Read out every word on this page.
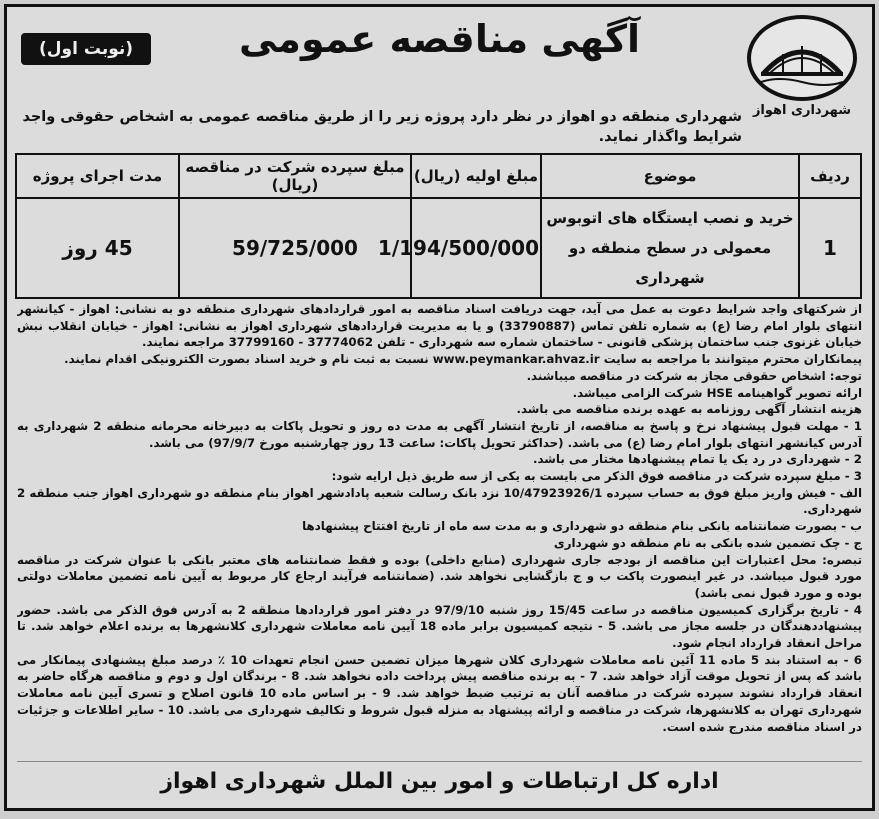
شهرداری اهواز
آگهی مناقصه عمومی
(نوبت اول)
شهرداری منطقه دو اهواز در نظر دارد پروژه زیر را از طریق مناقصه عمومی به اشخاص حقوقی واجد شرایط واگذار نماید.
ردیف	موضوع	مبلغ اولیه (ریال)	مبلغ سپرده شرکت در مناقصه (ریال)	مدت اجرای پروژه
1	خرید و نصب ایستگاه های اتوبوس معمولی در سطح منطقه دو شهرداری	1/194/500/000	59/725/000	45 روز

از شرکتهای واجد شرایط دعوت به عمل می آید، جهت دریافت اسناد مناقصه به امور قراردادهای شهرداری منطقه دو به نشانی: اهواز - کیانشهر انتهای بلوار امام رضا (ع) به شماره تلفن تماس (33790887) و یا به مدیریت قراردادهای شهرداری اهواز به نشانی: اهواز - خیابان انقلاب نبش خیابان غزنوی جنب ساختمان پزشکی قانونی - ساختمان شماره سه شهرداری - تلفن 37774062 - 37799160 مراجعه نمایند.

پیمانکاران محترم میتوانند با مراجعه به سایت www.peymankar.ahvaz.ir نسبت به ثبت نام و خرید اسناد بصورت الکترونیکی اقدام نمایند.

توجه: اشخاص حقوقی مجاز به شرکت در مناقصه میباشند.

ارائه تصویر گواهینامه HSE شرکت الزامی میباشد.

هزینه انتشار آگهی روزنامه به عهده برنده مناقصه می باشد.

1 - مهلت قبول پیشنهاد نرخ و پاسخ به مناقصه، از تاریخ انتشار آگهی به مدت ده روز و تحویل پاکات به دبیرخانه محرمانه منطقه 2 شهرداری به آدرس کیانشهر انتهای بلوار امام رضا (ع) می باشد. (حداکثر تحویل پاکات: ساعت 13 روز چهارشنبه مورخ 97/9/7) می باشد.

2 - شهرداری در رد یک یا تمام پیشنهادها مختار می باشد.

3 - مبلغ سپرده شرکت در مناقصه فوق الذکر می بایست به یکی از سه طریق ذیل ارایه شود:

الف - فیش واریز مبلغ فوق به حساب سپرده 10/47923926/1 نزد بانک رسالت شعبه پادادشهر اهواز بنام منطقه دو شهرداری اهواز جنب منطقه 2 شهرداری.

ب - بصورت ضمانتنامه بانکی بنام منطقه دو شهرداری و به مدت سه ماه از تاریخ افتتاح پیشنهادها

ج - چک تضمین شده بانکی به نام منطقه دو شهرداری

تبصره: محل اعتبارات این مناقصه از بودجه جاری شهرداری (منابع داخلی) بوده و فقط ضمانتنامه های معتبر بانکی با عنوان شرکت در مناقصه مورد قبول میباشد. در غیر اینصورت پاکت ب و ج بازگشایی نخواهد شد. (ضمانتنامه فرآیند ارجاع کار مربوط به آیین نامه تضمین معاملات دولتی بوده و مورد قبول نمی باشد)

4 - تاریخ برگزاری کمیسیون مناقصه در ساعت 15/45 روز شنبه 97/9/10 در دفتر امور قراردادها منطقه 2 به آدرس فوق الذکر می باشد. حضور پیشنهاددهندگان در جلسه مجاز می باشد. 5 - نتیجه کمیسیون برابر ماده 18 آیین نامه معاملات شهرداری کلانشهرها به برنده اعلام خواهد شد. تا مراحل انعقاد قرارداد انجام شود.

6 - به استناد بند 5 ماده 11 آئین نامه معاملات شهرداری کلان شهرها میزان تضمین حسن انجام تعهدات 10 ٪ درصد مبلغ پیشنهادی پیمانکار می باشد که پس از تحویل موقت آزاد خواهد شد. 7 - به برنده مناقصه پیش پرداخت داده نخواهد شد. 8 - برندگان اول و دوم و مناقصه هرگاه حاضر به انعقاد قرارداد نشوند سپرده شرکت در مناقصه آنان به ترتیب ضبط خواهد شد. 9 - بر اساس ماده 10 قانون اصلاح و تسری آیین نامه معاملات شهرداری تهران به کلانشهرها، شرکت در مناقصه و ارائه پیشنهاد به منزله قبول شروط و تکالیف شهرداری می باشد. 10 - سایر اطلاعات و جزئیات در اسناد مناقصه مندرج شده است.

اداره کل ارتباطات و امور بین الملل شهرداری اهواز
